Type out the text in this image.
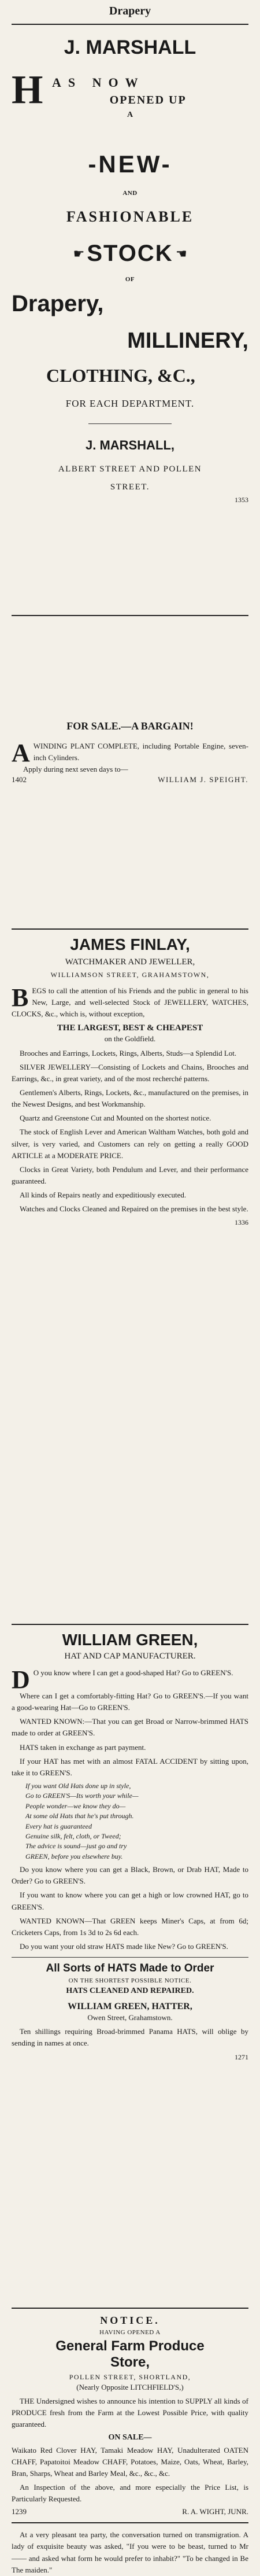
Drapery
J. MARSHALL
H AS NOW
OPENED UP
A
-NEW-
AND
FASHIONABLE
☛ STOCK ☛
OF
Drapery,
MILLINERY,
CLOTHING, &C.,
FOR EACH DEPARTMENT.
J. MARSHALL,
ALBERT STREET AND POLLEN
STREET.
1353
FOR SALE.—A BARGAIN!
A WINDING PLANT COMPLETE, including Portable Engine, seven-inch Cylinders.
Apply during next seven days to—
1402	WILLIAM J. SPEIGHT.
JAMES FINLAY,
WATCHMAKER AND JEWELLER,
WILLIAMSON STREET, GRAHAMSTOWN,
B EGS to call the attention of his Friends and the public in general to his New, Large, and well-selected Stock of JEWELLERY, WATCHES, CLOCKS, &c., which is, without exception,
THE LARGEST, BEST & CHEAPEST
on the Goldfield.

Brooches and Earrings, Lockets, Rings, Alberts, Studs—a Splendid Lot.

SILVER JEWELLERY—Consisting of Lockets and Chains, Brooches and Earrings, &c., in great variety, and of the most recherché patterns.

Gentlemen's Alberts, Rings, Lockets, &c., manufactured on the premises, in the Newest Designs, and best Workmanship.

Quartz and Greenstone Cut and Mounted on the shortest notice.

The stock of English Lever and American Waltham Watches, both gold and silver, is very varied, and Customers can rely on getting a really GOOD ARTICLE at a MODERATE PRICE.

Clocks in Great Variety, both Pendulum and Lever, and their performance guaranteed.

All kinds of Repairs neatly and expeditiously executed.

Watches and Clocks Cleaned and Repaired on the premises in the best style.

1336
WILLIAM GREEN,
HAT AND CAP MANUFACTURER.
D O you know where I can get a good-shaped Hat? Go to GREEN'S.

Where can I get a comfortably-fitting Hat? Go to GREEN'S.—If you want a good-wearing Hat—Go to GREEN'S.

WANTED KNOWN:—That you can get Broad or Narrow-brimmed HATS made to order at GREEN'S.

HATS taken in exchange as part payment.

If your HAT has met with an almost FATAL ACCIDENT by sitting upon, take it to GREEN'S.

If you want Old Hats done up in style,
Go to GREEN'S—Its worth your while—
People wonder—we know they do—
At some old Hats that he's put through.
Every hat is guaranteed
Genuine silk, felt, cloth, or Tweed;
The advice is sound—just go and try
GREEN, before you elsewhere buy.

Do you know where you can get a Black, Brown, or Drab HAT, Made to Order? Go to GREEN'S.

If you want to know where you can get a high or low crowned HAT, go to GREEN'S.

WANTED KNOWN—That GREEN keeps Miner's Caps, at from 6d; Cricketers Caps, from 1s 3d to 2s 6d each.

Do you want your old straw HATS made like New? Go to GREEN'S.

All Sorts of HATS Made to Order
ON THE SHORTEST POSSIBLE NOTICE.
HATS CLEANED AND REPAIRED.
WILLIAM GREEN, HATTER,
Owen Street, Grahamstown.

Ten shillings requiring Broad-brimmed Panama HATS, will oblige by sending in names at once.

1271
NOTICE.
HAVING OPENED A
General Farm Produce
Store,
POLLEN STREET, SHORTLAND,
(Nearly Opposite LITCHFIELD'S,)

THE Undersigned wishes to announce his intention to SUPPLY all kinds of PRODUCE fresh from the Farm at the Lowest Possible Price, with quality guaranteed.

ON SALE—

Waikato Red Clover HAY, Tamaki Meadow HAY, Unadulterated OATEN CHAFF, Papatoitoi Meadow CHAFF, Potatoes, Maize, Oats, Wheat, Barley, Bran, Sharps, Wheat and Barley Meal, &c., &c., &c.

An Inspection of the above, and more especially the Price List, is Particularly Requested.

1239	R. A. WIGHT, JUNR.

At a very pleasant tea party, the conversation turned on transmigration. A lady of exquisite beauty was asked, "If you were to be beast, turned to Mr —— and asked what form he would prefer to inhabit?" "To be changed in Be The maiden."
